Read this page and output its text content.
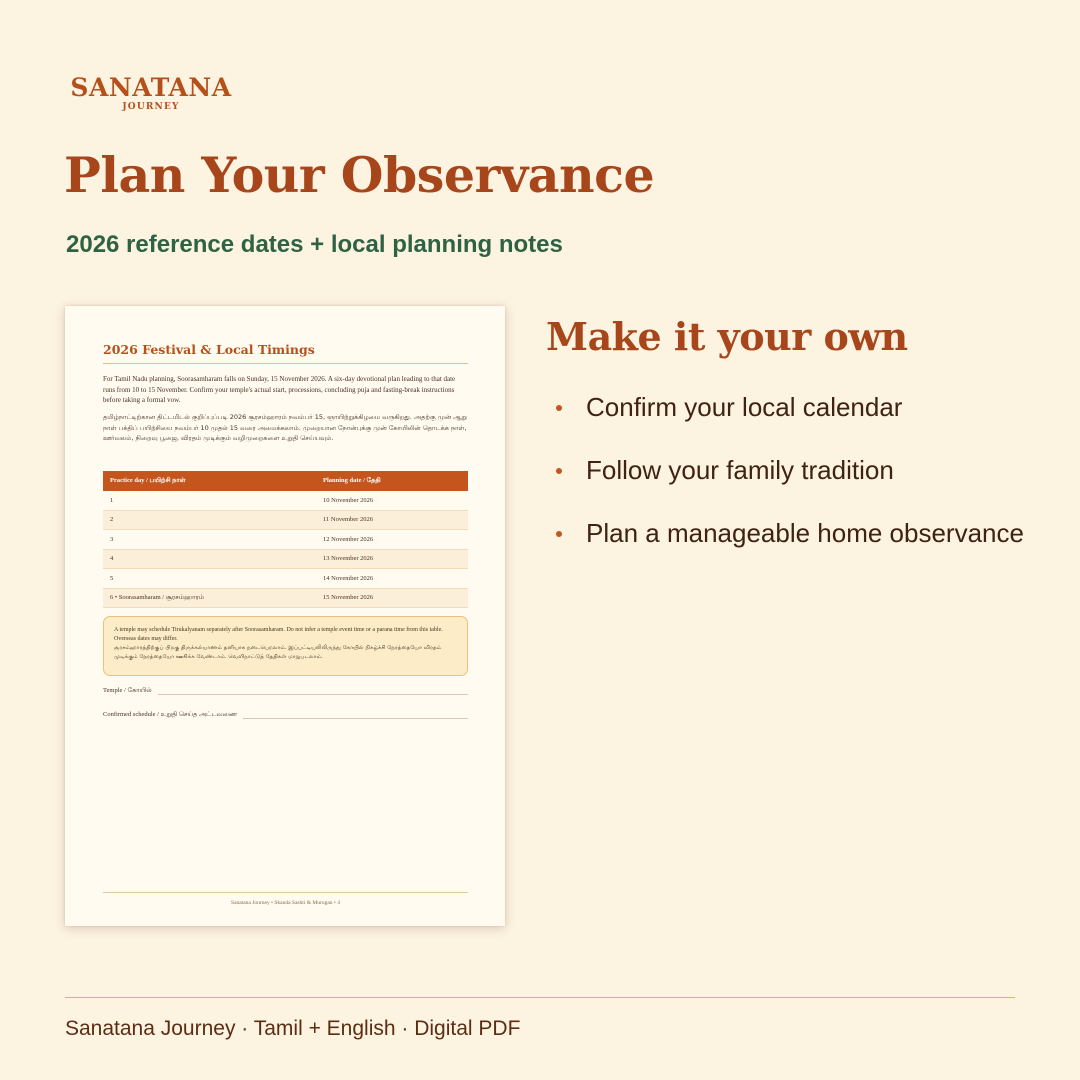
SANATANA
JOURNEY
Plan Your Observance
2026 reference dates + local planning notes
2026 Festival & Local Timings

For Tamil Nadu planning, Soorasamharam falls on Sunday, 15 November 2026. A six-day devotional plan leading to that date runs from 10 to 15 November. Confirm your temple's actual start, processions, concluding puja and fasting-break instructions before taking a formal vow.

தமிழ்நாட்டிற்கான திட்டமிடல் குறிப்புப்படி 2026 சூரசம்ஹாரம் நவம்பர் 15, ஞாயிற்றுக்கிழமை வருகிறது. அதற்கு முன் ஆறு நாள் பக்திப் பயிற்சியை நவம்பர் 10 முதல் 15 வரை அமைக்கலாம். முறையான நோன்புக்கு முன் கோயிலின் தொடக்க நாள், ஊர்வலம், நிறைவு பூஜை, விரதம் முடிக்கும் வழிமுறைகளை உறுதி செய்யவும்.

Practice day / பயிற்சி நாள்	Planning date / தேதி
1	10 November 2026
2	11 November 2026
3	12 November 2026
4	13 November 2026
5	14 November 2026
6 • Soorasamharam / சூரசம்ஹாரம்	15 November 2026
A temple may schedule Tirukalyanam separately after Soorasamharam. Do not infer a temple event time or a parana time from this table. Overseas dates may differ.
சூரசம்ஹாரத்திற்குப் பிறகு திருக்கல்யாணம் தனியாக நடைபெறலாம். இப்பட்டியலிலிருந்து கோயில் நிகழ்ச்சி நேரத்தையோ விரதம் முடிக்கும் நேரத்தையோ ஊகிக்க வேண்டாம். வெளிநாட்டுத் தேதிகள் மாறுபடலாம்.
Temple / கோயில்
Confirmed schedule / உறுதி செய்த அட்டவணை
Sanatana Journey • Skanda Sashti & Murugan • 4
Make it your own
Confirm your local calendar
Follow your family tradition
Plan a manageable home observance
Sanatana Journey · Tamil + English · Digital PDF
